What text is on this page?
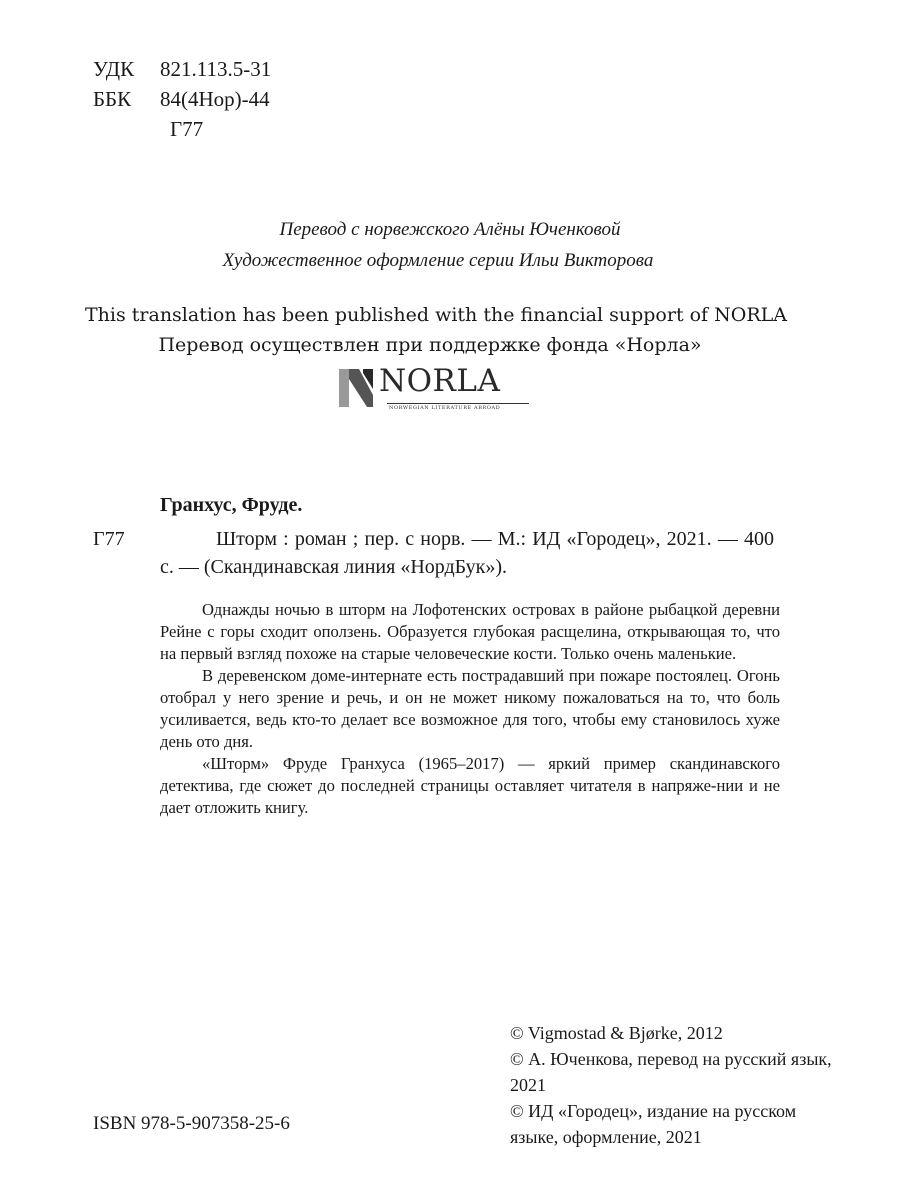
УДК 821.113.5-31
ББК 84(4Нор)-44
Г77
Перевод с норвежского Алёны Юченковой
Художественное оформление серии Ильи Викторова
This translation has been published with the financial support of NORLA
Перевод осуществлен при поддержке фонда «Норла»
NORLA
NORWEGIAN LITERATURE ABROAD
Гранхус, Фруде.
Г77	Шторм : роман ; пер. с норв. — М.: ИД «Городец», 2021. — 400 с. — (Скандинавская линия «НордБук»).

Однажды ночью в шторм на Лофотенских островах в районе рыбацкой деревни Рейне с горы сходит оползень. Образуется глубокая расщелина, открывающая то, что на первый взгляд похоже на старые человеческие кости. Только очень маленькие.

В деревенском доме-интернате есть пострадавший при пожаре постоялец. Огонь отобрал у него зрение и речь, и он не может никому пожаловаться на то, что боль усиливается, ведь кто-то делает все возможное для того, чтобы ему становилось хуже день ото дня.

«Шторм» Фруде Гранхуса (1965–2017) — яркий пример скандинавского детектива, где сюжет до последней страницы оставляет читателя в напряже-нии и не дает отложить книгу.

ISBN 978-5-907358-25-6

© Vigmostad & Bjørke, 2012

© А. Юченкова, перевод на русский язык, 2021

© ИД «Городец», издание на русском языке, оформление, 2021
